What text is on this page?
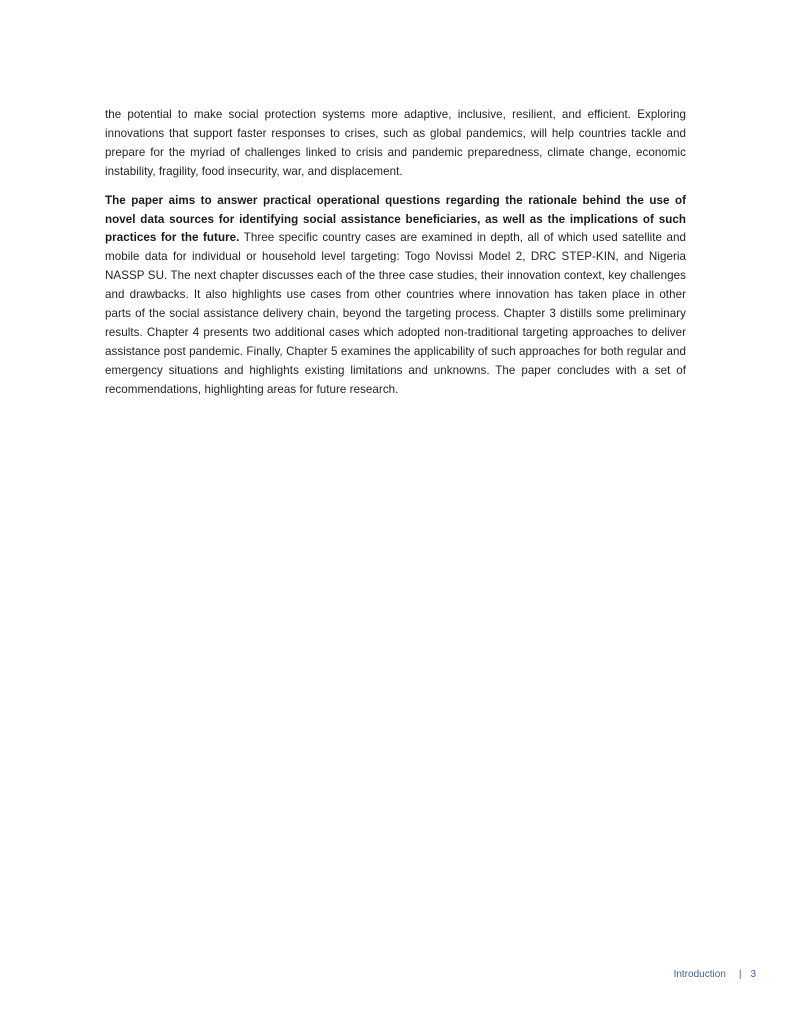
the potential to make social protection systems more adaptive, inclusive, resilient, and efficient. Exploring innovations that support faster responses to crises, such as global pandemics, will help countries tackle and prepare for the myriad of challenges linked to crisis and pandemic preparedness, climate change, economic instability, fragility, food insecurity, war, and displacement.

The paper aims to answer practical operational questions regarding the rationale behind the use of novel data sources for identifying social assistance beneficiaries, as well as the implications of such practices for the future. Three specific country cases are examined in depth, all of which used satellite and mobile data for individual or household level targeting: Togo Novissi Model 2, DRC STEP-KIN, and Nigeria NASSP SU. The next chapter discusses each of the three case studies, their innovation context, key challenges and drawbacks. It also highlights use cases from other countries where innovation has taken place in other parts of the social assistance delivery chain, beyond the targeting process. Chapter 3 distills some preliminary results. Chapter 4 presents two additional cases which adopted non-traditional targeting approaches to deliver assistance post pandemic. Finally, Chapter 5 examines the applicability of such approaches for both regular and emergency situations and highlights existing limitations and unknowns. The paper concludes with a set of recommendations, highlighting areas for future research.

Introduction | 3
